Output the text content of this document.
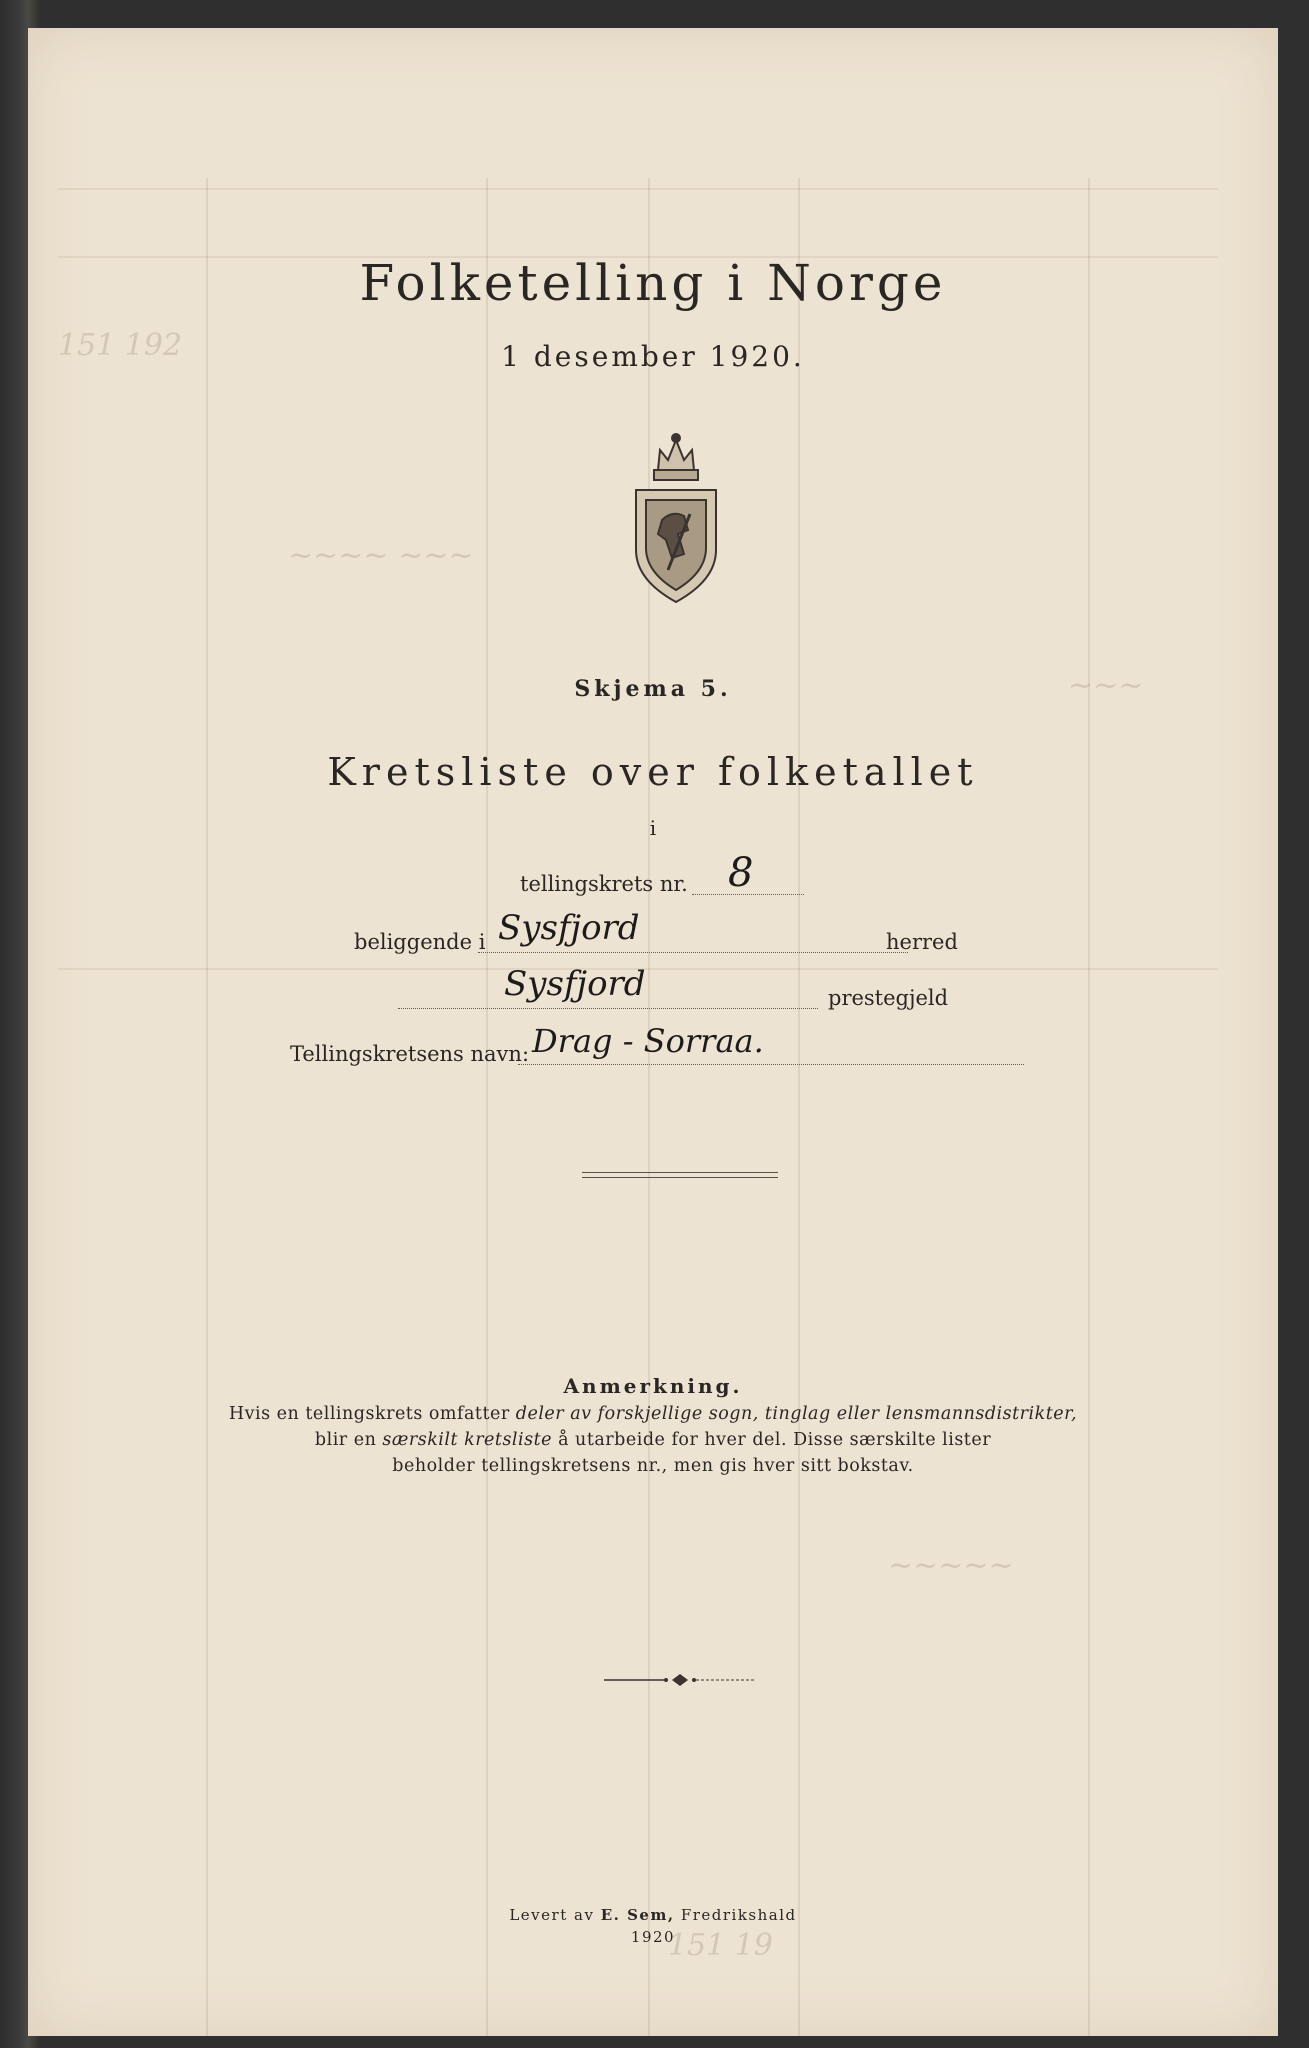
151 192
~~~~ ~~~
~~~
~~~~~
151 19
Folketelling i Norge
1 desember 1920.
Skjema 5.
Kretsliste over folketallet
i
tellingskrets nr. 8
beliggende i Sysfjord	herred
Sysfjord	prestegjeld
Tellingskretsens navn: Drag - Sorraa.
Anmerkning.
Hvis en tellingskrets omfatter deler av forskjellige sogn, tinglag eller lensmannsdistrikter,
blir en særskilt kretsliste å utarbeide for hver del. Disse særskilte lister
beholder tellingskretsens nr., men gis hver sitt bokstav.
Levert av E. Sem, Fredrikshald
1920
